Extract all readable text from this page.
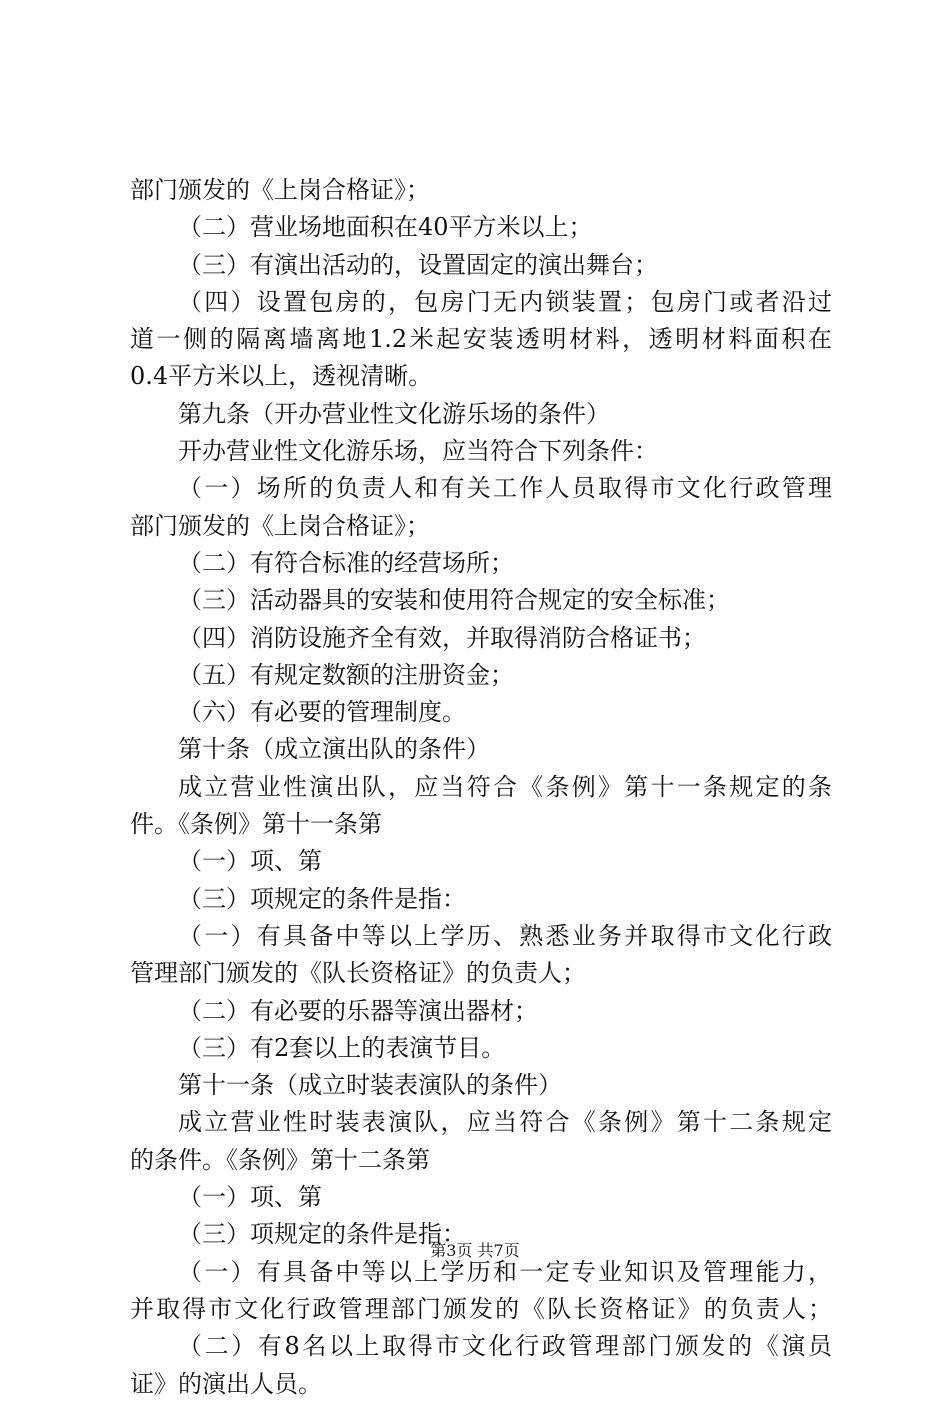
部门颁发的《上岗合格证》；
（二）营业场地面积在40平方米以上；
（三）有演出活动的，设置固定的演出舞台；
（四）设置包房的，包房门无内锁装置；包房门或者沿过
道一侧的隔离墙离地1.2米起安装透明材料，透明材料面积在
0.4平方米以上，透视清晰。
第九条（开办营业性文化游乐场的条件）
开办营业性文化游乐场，应当符合下列条件：
（一）场所的负责人和有关工作人员取得市文化行政管理
部门颁发的《上岗合格证》；
（二）有符合标准的经营场所；
（三）活动器具的安装和使用符合规定的安全标准；
（四）消防设施齐全有效，并取得消防合格证书；
（五）有规定数额的注册资金；
（六）有必要的管理制度。
第十条（成立演出队的条件）
成立营业性演出队，应当符合《条例》第十一条规定的条
件。《条例》第十一条第
（一）项、第
（三）项规定的条件是指：
（一）有具备中等以上学历、熟悉业务并取得市文化行政
管理部门颁发的《队长资格证》的负责人；
（二）有必要的乐器等演出器材；
（三）有2套以上的表演节目。
第十一条（成立时装表演队的条件）
成立营业性时装表演队，应当符合《条例》第十二条规定
的条件。《条例》第十二条第
（一）项、第
（三）项规定的条件是指：
（一）有具备中等以上学历和一定专业知识及管理能力，
并取得市文化行政管理部门颁发的《队长资格证》的负责人；
（二）有8名以上取得市文化行政管理部门颁发的《演员
证》的演出人员。
第3页 共7页
